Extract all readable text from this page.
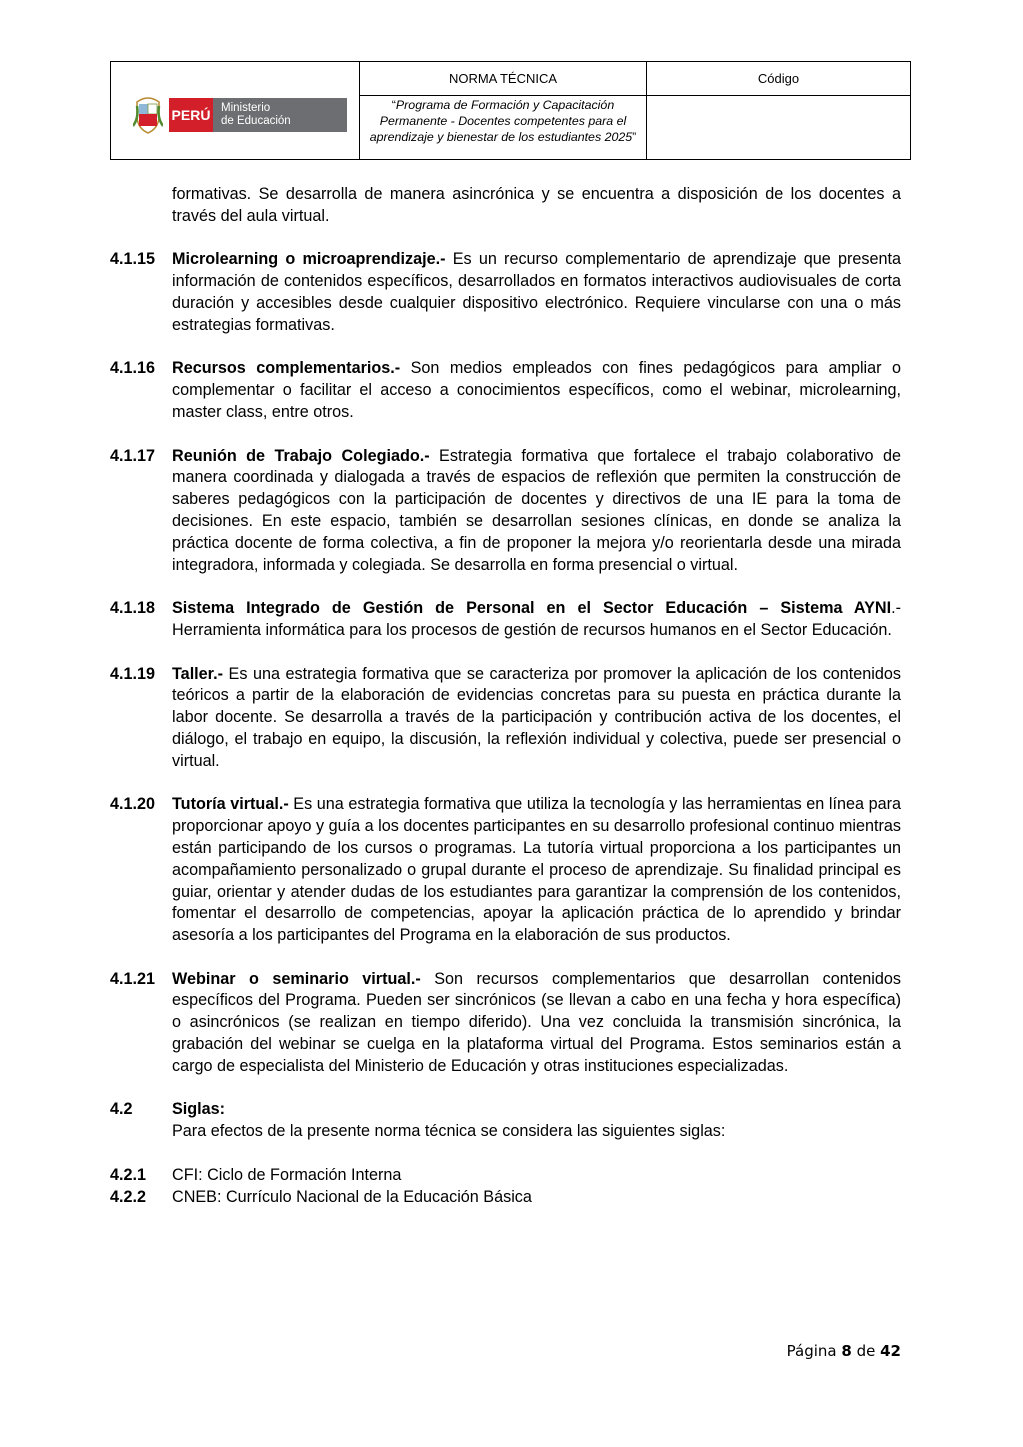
PERÚ Ministerio
de Educación
NORMA TÉCNICA
“Programa de Formación y Capacitación Permanente - Docentes competentes para el aprendizaje y bienestar de los estudiantes 2025”
Código
formativas. Se desarrolla de manera asincrónica y se encuentra a disposición de los docentes a través del aula virtual.
4.1.15 Microlearning o microaprendizaje.- Es un recurso complementario de aprendizaje que presenta información de contenidos específicos, desarrollados en formatos interactivos audiovisuales de corta duración y accesibles desde cualquier dispositivo electrónico. Requiere vincularse con una o más estrategias formativas.
4.1.16 Recursos complementarios.- Son medios empleados con fines pedagógicos para ampliar o complementar o facilitar el acceso a conocimientos específicos, como el webinar, microlearning, master class, entre otros.
4.1.17 Reunión de Trabajo Colegiado.- Estrategia formativa que fortalece el trabajo colaborativo de manera coordinada y dialogada a través de espacios de reflexión que permiten la construcción de saberes pedagógicos con la participación de docentes y directivos de una IE para la toma de decisiones. En este espacio, también se desarrollan sesiones clínicas, en donde se analiza la práctica docente de forma colectiva, a fin de proponer la mejora y/o reorientarla desde una mirada integradora, informada y colegiada. Se desarrolla en forma presencial o virtual.
4.1.18 Sistema Integrado de Gestión de Personal en el Sector Educación – Sistema AYNI.- Herramienta informática para los procesos de gestión de recursos humanos en el Sector Educación.
4.1.19 Taller.- Es una estrategia formativa que se caracteriza por promover la aplicación de los contenidos teóricos a partir de la elaboración de evidencias concretas para su puesta en práctica durante la labor docente. Se desarrolla a través de la participación y contribución activa de los docentes, el diálogo, el trabajo en equipo, la discusión, la reflexión individual y colectiva, puede ser presencial o virtual.
4.1.20 Tutoría virtual.- Es una estrategia formativa que utiliza la tecnología y las herramientas en línea para proporcionar apoyo y guía a los docentes participantes en su desarrollo profesional continuo mientras están participando de los cursos o programas. La tutoría virtual proporciona a los participantes un acompañamiento personalizado o grupal durante el proceso de aprendizaje. Su finalidad principal es guiar, orientar y atender dudas de los estudiantes para garantizar la comprensión de los contenidos, fomentar el desarrollo de competencias, apoyar la aplicación práctica de lo aprendido y brindar asesoría a los participantes del Programa en la elaboración de sus productos.
4.1.21 Webinar o seminario virtual.- Son recursos complementarios que desarrollan contenidos específicos del Programa. Pueden ser sincrónicos (se llevan a cabo en una fecha y hora específica) o asincrónicos (se realizan en tiempo diferido). Una vez concluida la transmisión sincrónica, la grabación del webinar se cuelga en la plataforma virtual del Programa. Estos seminarios están a cargo de especialista del Ministerio de Educación y otras instituciones especializadas.
4.2 Siglas:
Para efectos de la presente norma técnica se considera las siguientes siglas:
4.2.1 CFI: Ciclo de Formación Interna
4.2.2 CNEB: Currículo Nacional de la Educación Básica
Página 8 de 42
